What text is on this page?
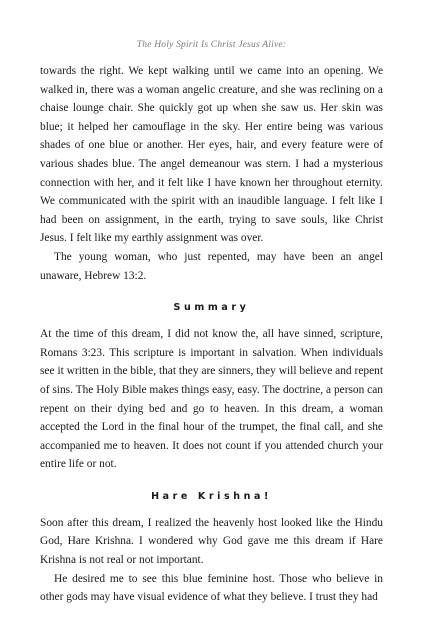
The Holy Spirit Is Christ Jesus Alive:

towards the right. We kept walking until we came into an opening. We walked in, there was a woman angelic creature, and she was reclining on a chaise lounge chair. She quickly got up when she saw us. Her skin was blue; it helped her camouflage in the sky. Her entire being was various shades of one blue or another. Her eyes, hair, and every feature were of various shades blue. The angel demeanour was stern. I had a mysterious connection with her, and it felt like I have known her throughout eternity. We communicated with the spirit with an inaudible language. I felt like I had been on assignment, in the earth, trying to save souls, like Christ Jesus. I felt like my earthly assignment was over.

The young woman, who just repented, may have been an angel unaware, Hebrew 13:2.

Summary

At the time of this dream, I did not know the, all have sinned, scripture, Romans 3:23. This scripture is important in salvation. When individuals see it written in the bible, that they are sinners, they will believe and repent of sins. The Holy Bible makes things easy, easy. The doctrine, a person can repent on their dying bed and go to heaven. In this dream, a woman accepted the Lord in the final hour of the trumpet, the final call, and she accompanied me to heaven. It does not count if you attended church your entire life or not.

Hare Krishna!

Soon after this dream, I realized the heavenly host looked like the Hindu God, Hare Krishna. I wondered why God gave me this dream if Hare Krishna is not real or not important.

He desired me to see this blue feminine host. Those who believe in other gods may have visual evidence of what they believe. I trust they had
